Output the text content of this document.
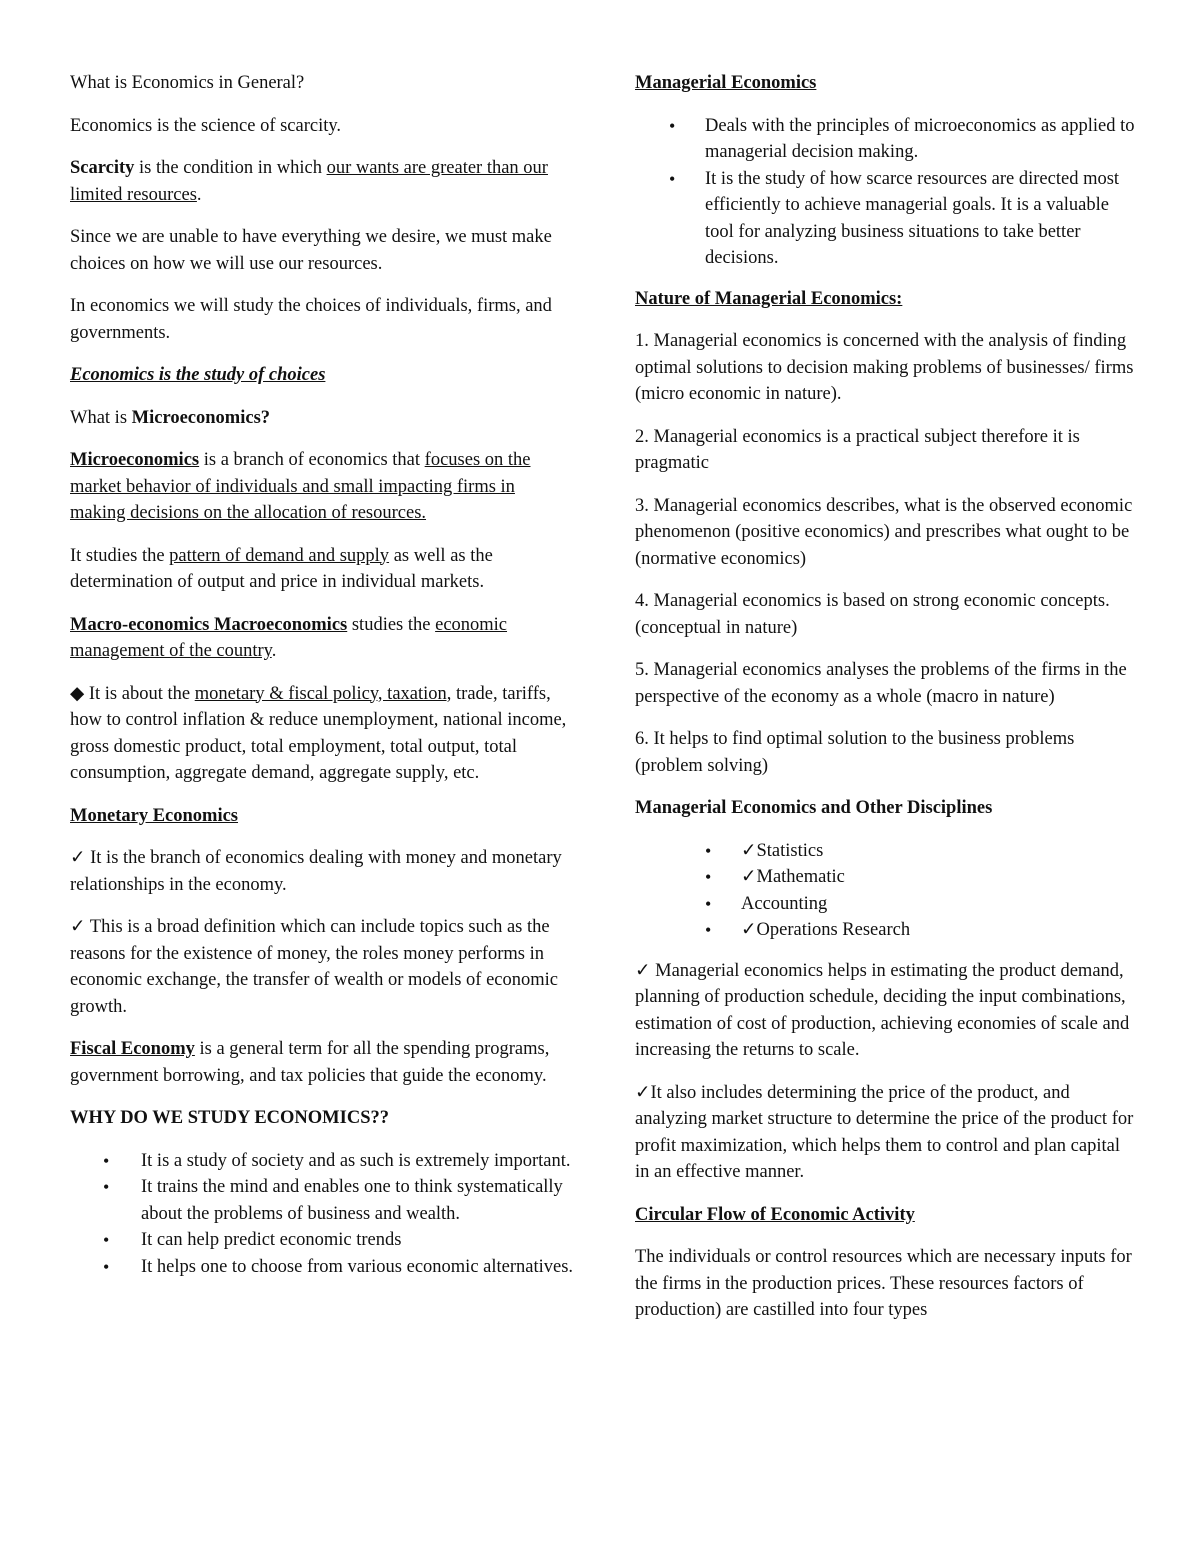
What is Economics in General?

Economics is the science of scarcity.

Scarcity is the condition in which our wants are greater than our limited resources.

Since we are unable to have everything we desire, we must make choices on how we will use our resources.

In economics we will study the choices of individuals, firms, and governments.

Economics is the study of choices

What is Microeconomics?

Microeconomics is a branch of economics that focuses on the market behavior of individuals and small impacting firms in making decisions on the allocation of resources.

It studies the pattern of demand and supply as well as the determination of output and price in individual markets.

Macro-economics Macroeconomics studies the economic management of the country.

◆ It is about the monetary & fiscal policy, taxation, trade, tariffs, how to control inflation & reduce unemployment, national income, gross domestic product, total employment, total output, total consumption, aggregate demand, aggregate supply, etc.

Monetary Economics

✓ It is the branch of economics dealing with money and monetary relationships in the economy.

✓ This is a broad definition which can include topics such as the reasons for the existence of money, the roles money performs in economic exchange, the transfer of wealth or models of economic growth.

Fiscal Economy is a general term for all the spending programs, government borrowing, and tax policies that guide the economy.

WHY DO WE STUDY ECONOMICS??

• It is a study of society and as such is extremely important.
• It trains the mind and enables one to think systematically about the problems of business and wealth.
• It can help predict economic trends
• It helps one to choose from various economic alternatives.

Managerial Economics

• Deals with the principles of microeconomics as applied to managerial decision making.
• It is the study of how scarce resources are directed most efficiently to achieve managerial goals. It is a valuable tool for analyzing business situations to take better decisions.

Nature of Managerial Economics:

1. Managerial economics is concerned with the analysis of finding optimal solutions to decision making problems of businesses/ firms (micro economic in nature).

2. Managerial economics is a practical subject therefore it is pragmatic

3. Managerial economics describes, what is the observed economic phenomenon (positive economics) and prescribes what ought to be (normative economics)

4. Managerial economics is based on strong economic concepts. (conceptual in nature)

5. Managerial economics analyses the problems of the firms in the perspective of the economy as a whole (macro in nature)

6. It helps to find optimal solution to the business problems (problem solving)

Managerial Economics and Other Disciplines

• ✓Statistics
• ✓Mathematic
• Accounting
• ✓Operations Research

✓ Managerial economics helps in estimating the product demand, planning of production schedule, deciding the input combinations, estimation of cost of production, achieving economies of scale and increasing the returns to scale.

✓It also includes determining the price of the product, and analyzing market structure to determine the price of the product for profit maximization, which helps them to control and plan capital in an effective manner.

Circular Flow of Economic Activity

The individuals or control resources which are necessary inputs for the firms in the production prices. These resources factors of production) are castilled into four types
